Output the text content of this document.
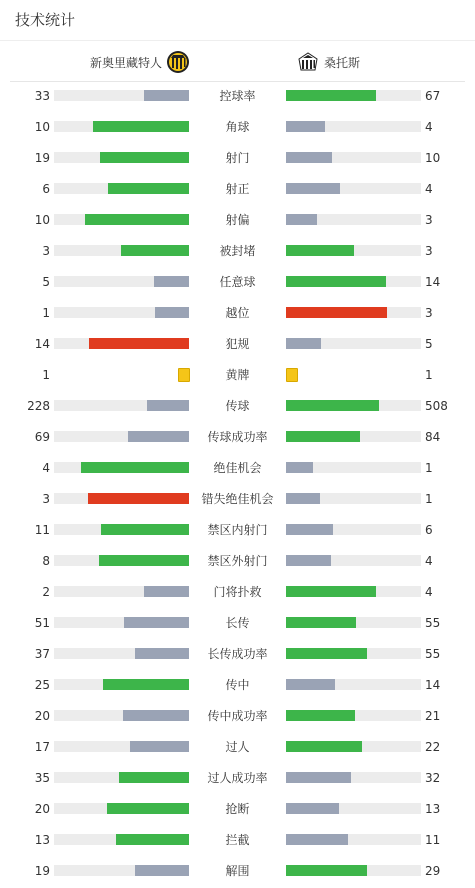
技术统计
新奥里藏特人	桑托斯
33	控球率	67
10	角球	4
19	射门	10
6	射正	4
10	射偏	3
3	被封堵	3
5	任意球	14
1	越位	3
14	犯规	5
1	黄牌	1
228	传球	508
69	传球成功率	84
4	绝佳机会	1
3	错失绝佳机会	1
11	禁区内射门	6
8	禁区外射门	4
2	门将扑救	4
51	长传	55
37	长传成功率	55
25	传中	14
20	传中成功率	21
17	过人	22
35	过人成功率	32
20	抢断	13
13	拦截	11
19	解围	29
